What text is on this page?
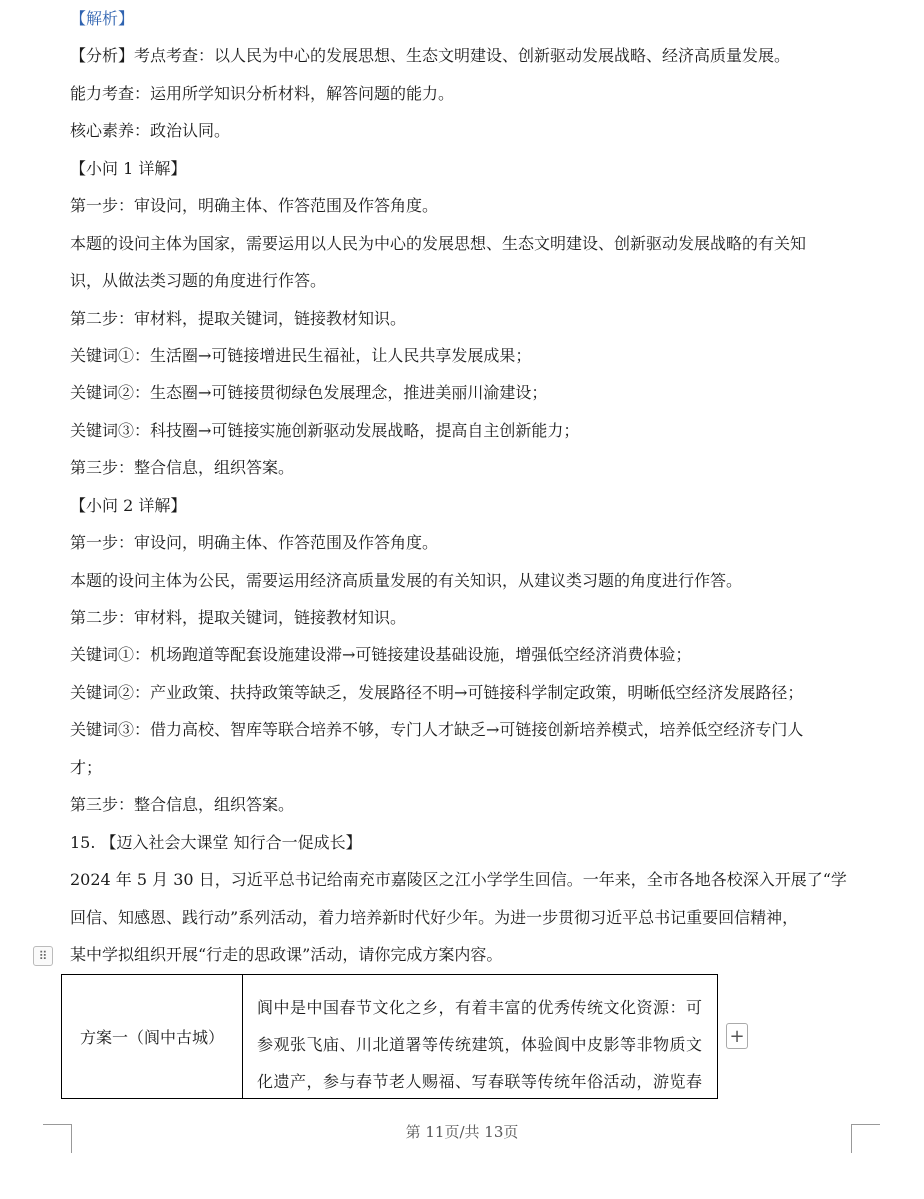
【解析】
【分析】考点考查：以人民为中心的发展思想、生态文明建设、创新驱动发展战略、经济高质量发展。
能力考查：运用所学知识分析材料，解答问题的能力。
核心素养：政治认同。
【小问 1 详解】
第一步：审设问，明确主体、作答范围及作答角度。
本题的设问主体为国家，需要运用以人民为中心的发展思想、生态文明建设、创新驱动发展战略的有关知
识，从做法类习题的角度进行作答。
第二步：审材料，提取关键词，链接教材知识。
关键词①：生活圈→可链接增进民生福祉，让人民共享发展成果；
关键词②：生态圈→可链接贯彻绿色发展理念，推进美丽川渝建设；
关键词③：科技圈→可链接实施创新驱动发展战略，提高自主创新能力；
第三步：整合信息，组织答案。
【小问 2 详解】
第一步：审设问，明确主体、作答范围及作答角度。
本题的设问主体为公民，需要运用经济高质量发展的有关知识，从建议类习题的角度进行作答。
第二步：审材料，提取关键词，链接教材知识。
关键词①：机场跑道等配套设施建设滞→可链接建设基础设施，增强低空经济消费体验；
关键词②：产业政策、扶持政策等缺乏，发展路径不明→可链接科学制定政策，明晰低空经济发展路径；
关键词③：借力高校、智库等联合培养不够，专门人才缺乏→可链接创新培养模式，培养低空经济专门人
才；
第三步：整合信息，组织答案。
15. 【迈入社会大课堂 知行合一促成长】
2024 年 5 月 30 日，习近平总书记给南充市嘉陵区之江小学学生回信。一年来，全市各地各校深入开展了“学
回信、知感恩、践行动”系列活动，着力培养新时代好少年。为进一步贯彻习近平总书记重要回信精神，
某中学拟组织开展“行走的思政课”活动，请你完成方案内容。
⠿
方案一（阆中古城）
阆中是中国春节文化之乡，有着丰富的优秀传统文化资源：可参观张飞庙、川北道署等传统建筑，体验阆中皮影等非物质文化遗产，参与春节老人赐福、写春联等传统年俗活动，游览春
+
第 11页/共 13页
